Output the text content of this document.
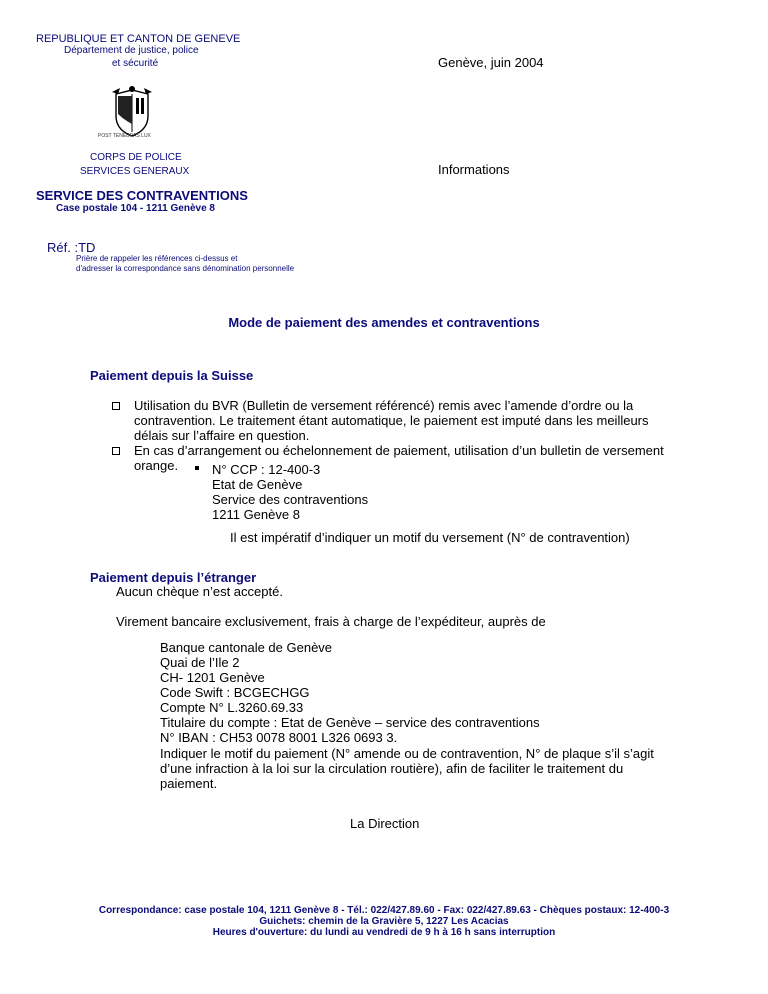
REPUBLIQUE ET CANTON DE GENEVE
Département de justice, police
et sécurité
POST TENEBRAS LUX
Genève, juin 2004
CORPS DE POLICE
SERVICES GENERAUX	Informations
SERVICE DES CONTRAVENTIONS
Case postale 104 - 1211 Genève 8
Réf. :TD
Prière de rappeler les références ci-dessus et
d'adresser la correspondance sans dénomination personnelle
Mode de paiement des amendes et contraventions
Paiement depuis la Suisse

Utilisation du BVR (Bulletin de versement référencé) remis avec l’amende d’ordre ou la contravention. Le traitement étant automatique, le paiement est imputé dans les meilleurs délais sur l’affaire en question.

En cas d’arrangement ou échelonnement de paiement, utilisation d’un bulletin de versement orange.	N° CCP : 12-400-3
Etat de Genève
Service des contraventions
1211 Genève 8
Il est impératif d’indiquer un motif du versement (N° de contravention)
Paiement depuis l’étranger
Aucun chèque n’est accepté.
Virement bancaire exclusivement, frais à charge de l’expéditeur, auprès de
Banque cantonale de Genève
Quai de l’Ile 2
CH- 1201 Genève
Code Swift : BCGECHGG
Compte N° L.3260.69.33
Titulaire du compte : Etat de Genève – service des contraventions
N° IBAN : CH53 0078 8001 L326 0693 3.
Indiquer le motif du paiement (N° amende ou de contravention, N° de plaque s’il s’agit d’une infraction à la loi sur la circulation routière), afin de faciliter le traitement du paiement.
La Direction
Correspondance: case postale 104, 1211 Genève 8 - Tél.: 022/427.89.60 - Fax: 022/427.89.63 - Chèques postaux: 12-400-3
Guichets: chemin de la Gravière 5, 1227 Les Acacias
Heures d'ouverture: du lundi au vendredi de 9 h à 16 h sans interruption
